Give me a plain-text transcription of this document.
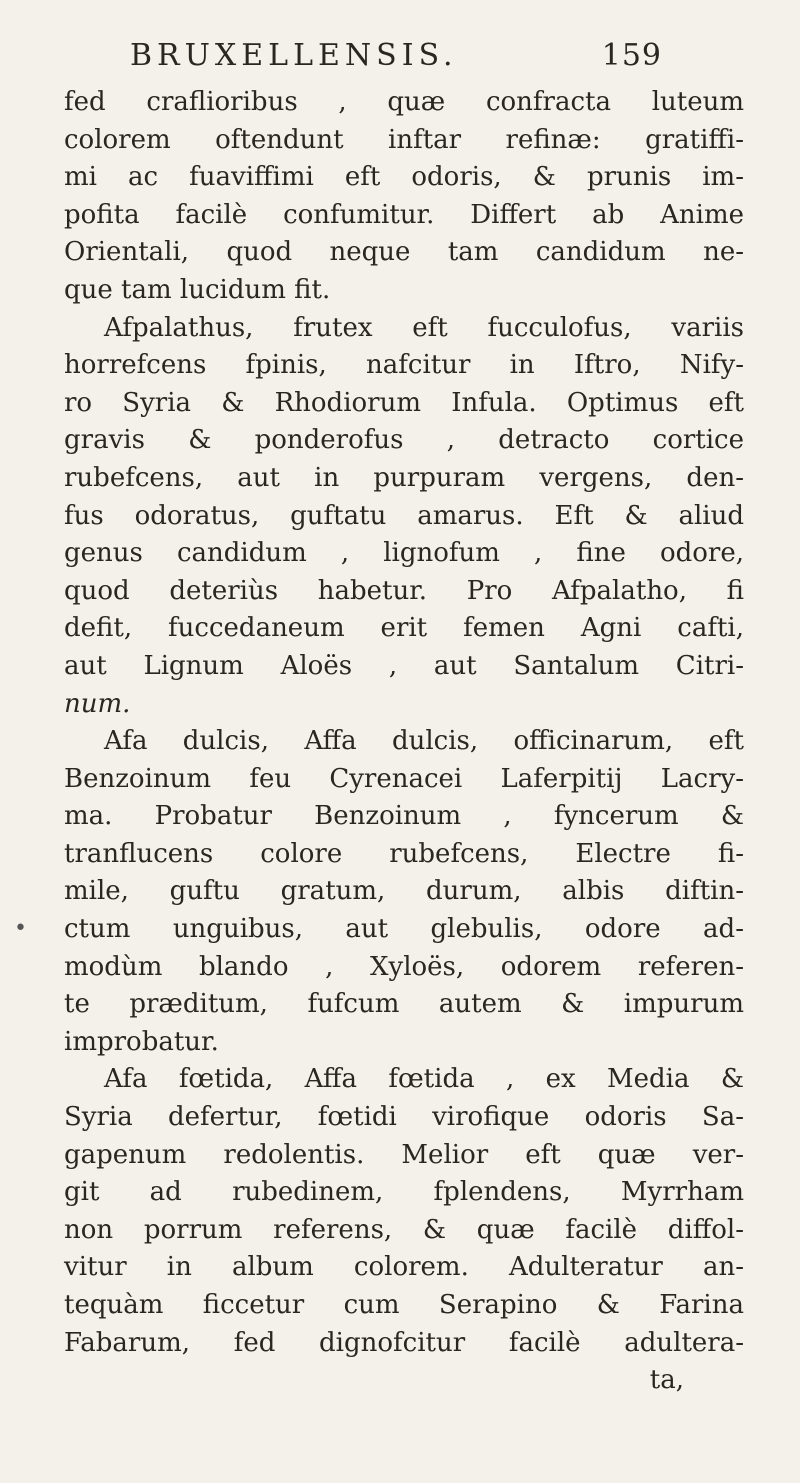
BRUXELLENSIS.	159
•
fed craflioribus , quæ confracta luteum
colorem oftendunt inftar refinæ: gratiffi-
mi ac fuaviffimi eft odoris, & prunis im-
pofita facilè confumitur. Differt ab Anime
Orientali, quod neque tam candidum ne-
que tam lucidum fit.
Afpalathus, frutex eft fucculofus, variis
horrefcens fpinis, nafcitur in Iftro, Nify-
ro Syria & Rhodiorum Infula. Optimus eft
gravis & ponderofus , detracto cortice
rubefcens, aut in purpuram vergens, den-
fus odoratus, guftatu amarus. Eft & aliud
genus candidum , lignofum , fine odore,
quod deteriùs habetur. Pro Afpalatho, fi
defit, fuccedaneum erit femen Agni cafti,
aut Lignum Aloës , aut Santalum Citri-
num.
Afa dulcis, Affa dulcis, officinarum, eft
Benzoinum feu Cyrenacei Laferpitij Lacry-
ma. Probatur Benzoinum , fyncerum &
tranflucens colore rubefcens, Electre fi-
mile, guftu gratum, durum, albis diftin-
ctum unguibus, aut glebulis, odore ad-
modùm blando , Xyloës, odorem referen-
te præditum, fufcum autem & impurum
improbatur.
Afa fœtida, Affa fœtida , ex Media &
Syria defertur, fœtidi virofique odoris Sa-
gapenum redolentis. Melior eft quæ ver-
git ad rubedinem, fplendens, Myrrham
non porrum referens, & quæ facilè diffol-
vitur in album colorem. Adulteratur an-
tequàm ficcetur cum Serapino & Farina
Fabarum, fed dignofcitur facilè adultera-
ta,
